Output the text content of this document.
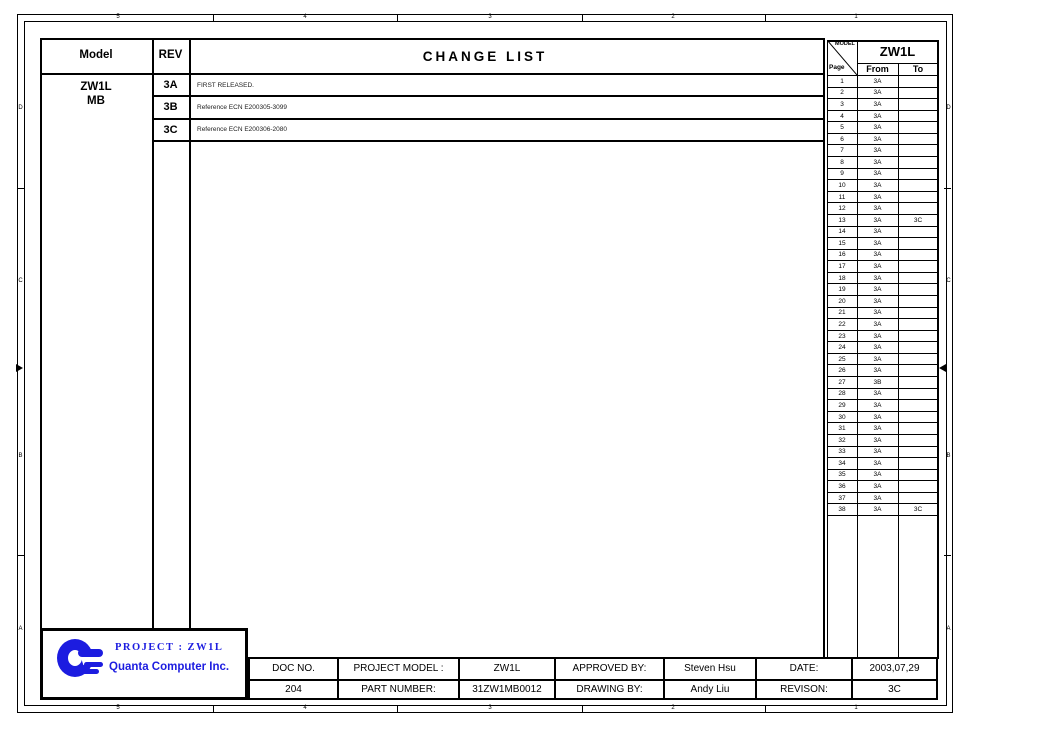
5	4	3	2	1
5	4	3	2	1
D
C
B
A
D
C
B
A
Model	REV	CHANGE LIST
ZW1L
MB
3A	FIRST RELEASED.
3B	Reference ECN E200305-3099
3C	Reference ECN E200306-2080
MODEL
Page
ZW1L
From	To
1	3A
2	3A
3	3A
4	3A
5	3A
6	3A
7	3A
8	3A
9	3A
10	3A
11	3A
12	3A
13	3A	3C
14	3A
15	3A
16	3A
17	3A
18	3A
19	3A
20	3A
21	3A
22	3A
23	3A
24	3A
25	3A
26	3A
27	3B
28	3A
29	3A
30	3A
31	3A
32	3A
33	3A
34	3A
35	3A
36	3A
37	3A
38	3A	3C
PROJECT : ZW1L
Quanta Computer Inc.	DOC NO.	PROJECT MODEL :	ZW1L	APPROVED BY:	Steven Hsu	DATE:	2003,07,29
204	PART NUMBER:	31ZW1MB0012	DRAWING BY:	Andy Liu	REVISON:	3C
